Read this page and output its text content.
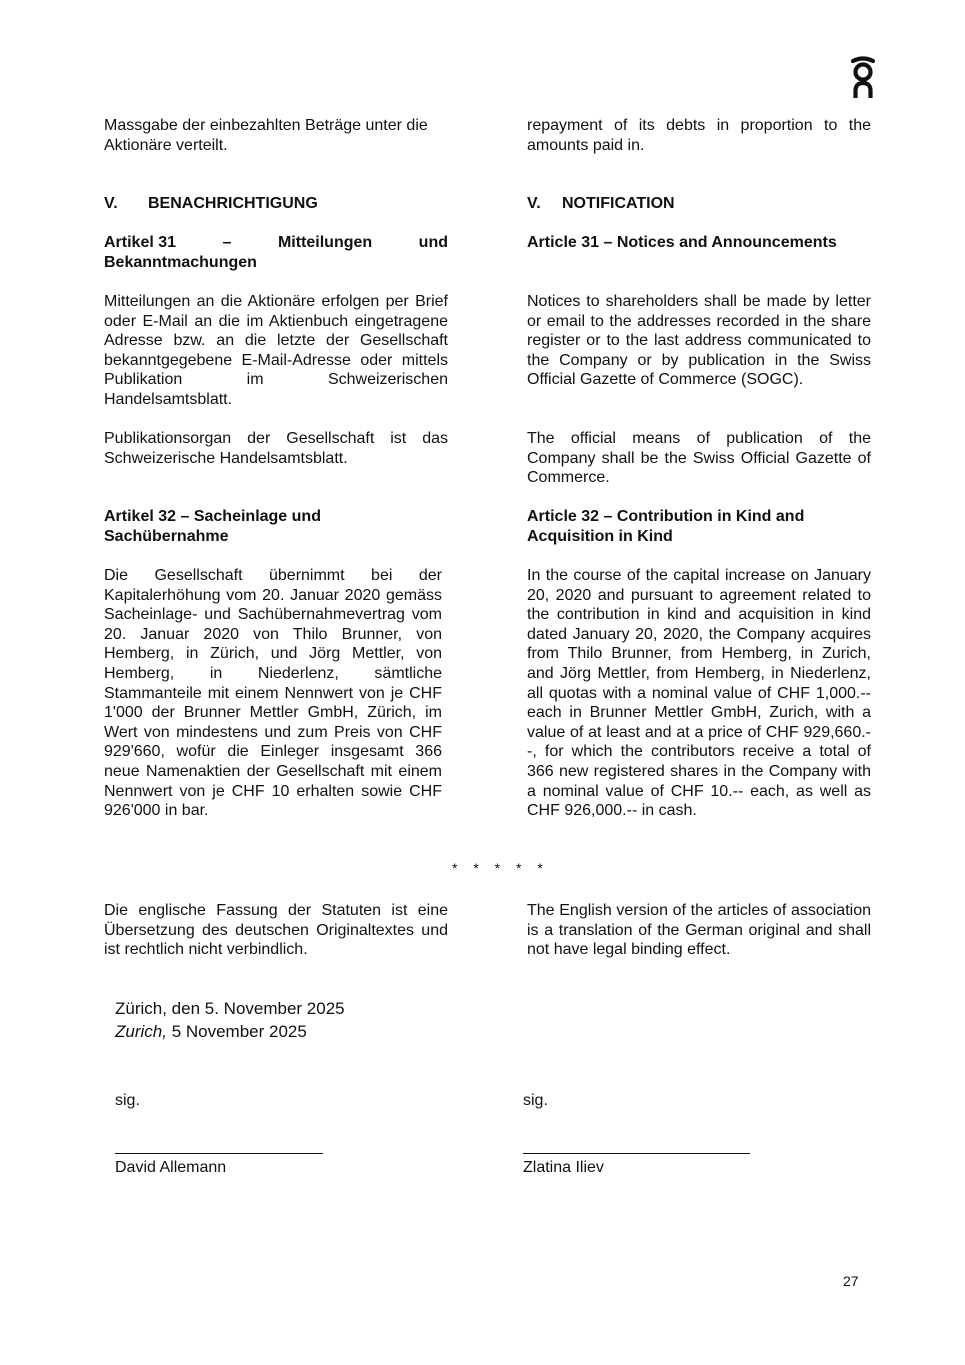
Massgabe der einbezahlten Beträge unter die Aktionäre verteilt.

repayment of its debts in proportion to the amounts paid in.

V.	BENACHRICHTIGUNG	V.	NOTIFICATION
Artikel 31	–	Mitteilungen	und
Bekanntmachungen
Article 31 – Notices and Announcements

Mitteilungen an die Aktionäre erfolgen per Brief oder E-Mail an die im Aktienbuch eingetragene Adresse bzw. an die letzte der Gesellschaft bekanntgegebene E-Mail-Adresse oder mittels Publikation im Schweizerischen Handelsamtsblatt.

Notices to shareholders shall be made by letter or email to the addresses recorded in the share register or to the last address communicated to the Company or by publication in the Swiss Official Gazette of Commerce (SOGC).

Publikationsorgan der Gesellschaft ist das Schweizerische Handelsamtsblatt.

The official means of publication of the Company shall be the Swiss Official Gazette of Commerce.

Artikel 32 – Sacheinlage und Sachübernahme
Article 32 – Contribution in Kind and Acquisition in Kind

Die Gesellschaft übernimmt bei der Kapitalerhöhung vom 20. Januar 2020 gemäss Sacheinlage- und Sachübernahmevertrag vom 20. Januar 2020 von Thilo Brunner, von Hemberg, in Zürich, und Jörg Mettler, von Hemberg, in Niederlenz, sämtliche Stammanteile mit einem Nennwert von je CHF 1'000 der Brunner Mettler GmbH, Zürich, im Wert von mindestens und zum Preis von CHF 929'660, wofür die Einleger insgesamt 366 neue Namenaktien der Gesellschaft mit einem Nennwert von je CHF 10 erhalten sowie CHF 926'000 in bar.

In the course of the capital increase on January 20, 2020 and pursuant to agreement related to the contribution in kind and acquisition in kind dated January 20, 2020, the Company acquires from Thilo Brunner, from Hemberg, in Zurich, and Jörg Mettler, from Hemberg, in Niederlenz, all quotas with a nominal value of CHF 1,000.-- each in Brunner Mettler GmbH, Zurich, with a value of at least and at a price of CHF 929,660.--, for which the contributors receive a total of 366 new registered shares in the Company with a nominal value of CHF 10.-- each, as well as CHF 926,000.-- in cash.

* * * * *

Die englische Fassung der Statuten ist eine Übersetzung des deutschen Originaltextes und ist rechtlich nicht verbindlich.

The English version of the articles of association is a translation of the German original and shall not have legal binding effect.

Zürich, den 5. November 2025
Zurich, 5 November 2025
sig.
David Allemann
sig.
Zlatina Iliev
27
